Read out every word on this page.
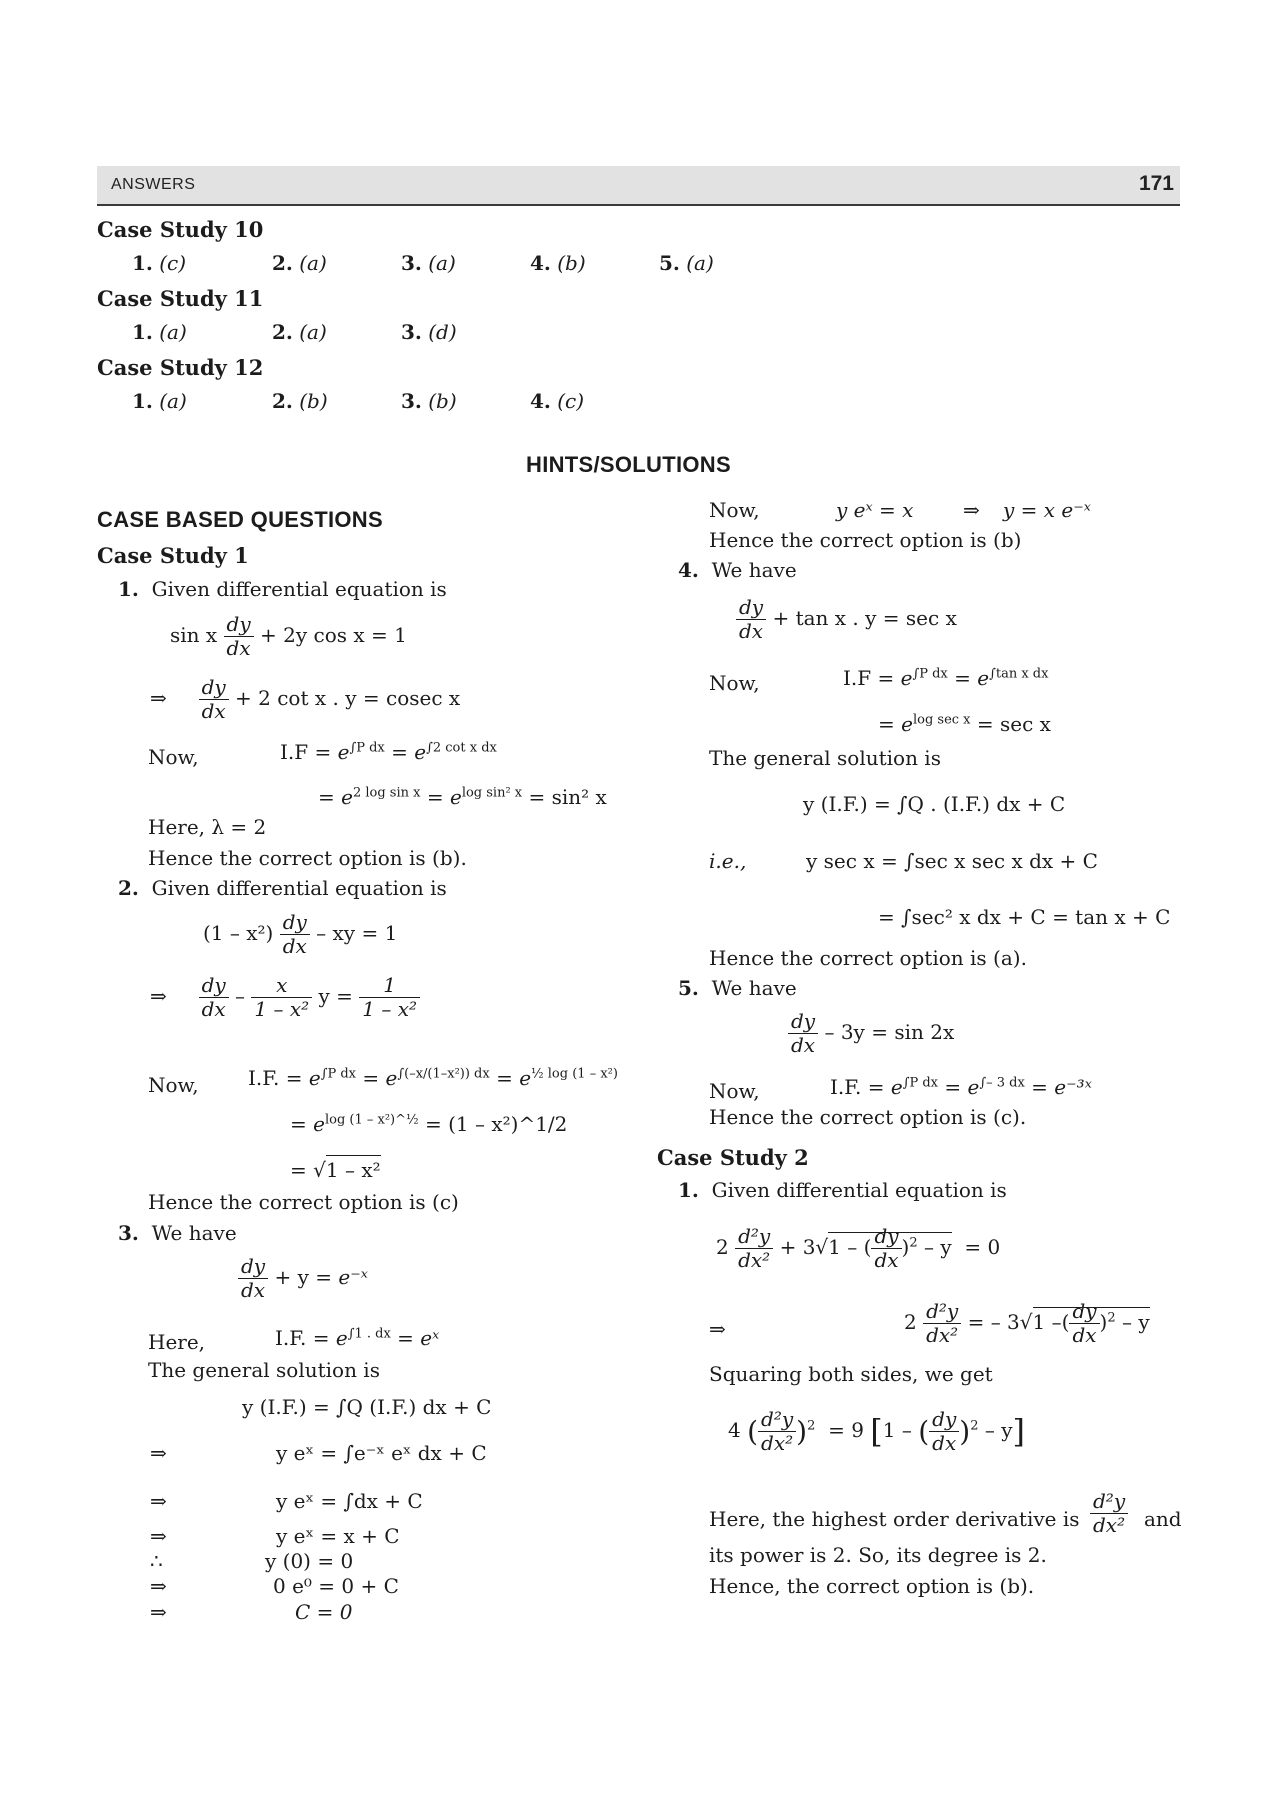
ANSWERS	171
Case Study 10
1. (c)	2. (a)	3. (a)	4. (b)	5. (a)
Case Study 11
1. (a)	2. (a)	3. (d)
Case Study 12
1. (a)	2. (b)	3. (b)	4. (c)
HINTS/SOLUTIONS
CASE BASED QUESTIONS
Case Study 1
1. Given differential equation is
sin x $\frac{dy}{dx} + 2y$ cos x = 1
⇒ $\frac{dy}{dx} + 2$ cot x . y = cosec x
Now,	$I.F = e^{\int P dx} = e^{\int 2 cot x dx}$
= $e^{2 log sin x} = e^{log sin^2 x} = \sin^2$ x
Here, λ = 2
Hence the correct option is (b).
2. Given differential equation is
$(1 - x^2) \frac{dy}{dx}$ – xy = 1
⇒ $\frac{dy}{dx} - \frac{x}{\text{1 – x²}}$ $y = \frac{1}{\text{1 – x²}}$
Now, I.F. = $e^{\int P dx} = e^{\int(-x/(1-x^2)) dx} = e^{\frac{1}{2} log (1 - x^2)}$
= $e^{log (1 - x^2)\^{}\frac{1}{2}} = (1$ – x²)^1/2
= √1 – x²
Hence the correct option is (c)
3. We have
$\frac{dy}{dx} + y$ = e⁻ˣ
Here,	I.F. = $e^{\int 1 . dx}$ = eˣ
The general solution is
y (I.F.) = ∫Q (I.F.) dx + C
⇒	y eˣ = ∫e⁻ˣ eˣ dx + C
⇒	y eˣ = ∫dx + C
⇒	y eˣ = x + C
∴	y (0) = 0
⇒	0 e⁰ = 0 + C
⇒	C = 0
Now,	y eˣ = x ⇒ y = x e⁻ˣ
Hence the correct option is (b)
4. We have
$\frac{dy}{dx} + \tan x$ . y = sec x
Now,	$I.F = e^{\int P dx} = e^{\int tan x dx}$
= $e^{log sec x} = \sec x$
The general solution is
y (I.F.) = ∫Q . (I.F.) dx + C
i.e.,	y sec x = ∫sec x sec x dx + C
= ∫sec² x dx + C = tan x + C
Hence the correct option is (a).
5. We have
$\frac{dy}{dx} - 3y = \sin 2x$
Now,	I.F. = $e^{\int P dx} = e^{\int- 3 dx}$ = e⁻³ˣ
Hence the correct option is (c).
Case Study 2
1. Given differential equation is
$2 \frac{\text{d²y}}{\text{dx²}} + 3√1$ – ( $\frac{dy}{dx} )^2 - y = 0$
⇒	$2 \frac{\text{d²y}}{\text{dx²}}$ = – 3√1 –( $\frac{dy}{dx} )^2$ – y
Squaring both sides, we get
4 ( $\frac{\text{d²y}}{\text{dx²}} )^2 = 9$ [1 – ( $\frac{dy}{dx} )^2 - y$]
Here, the highest order derivative is $\frac{\text{d²y}}{\text{dx²}}$ and
its power is 2. So, its degree is 2.
Hence, the correct option is (b).
